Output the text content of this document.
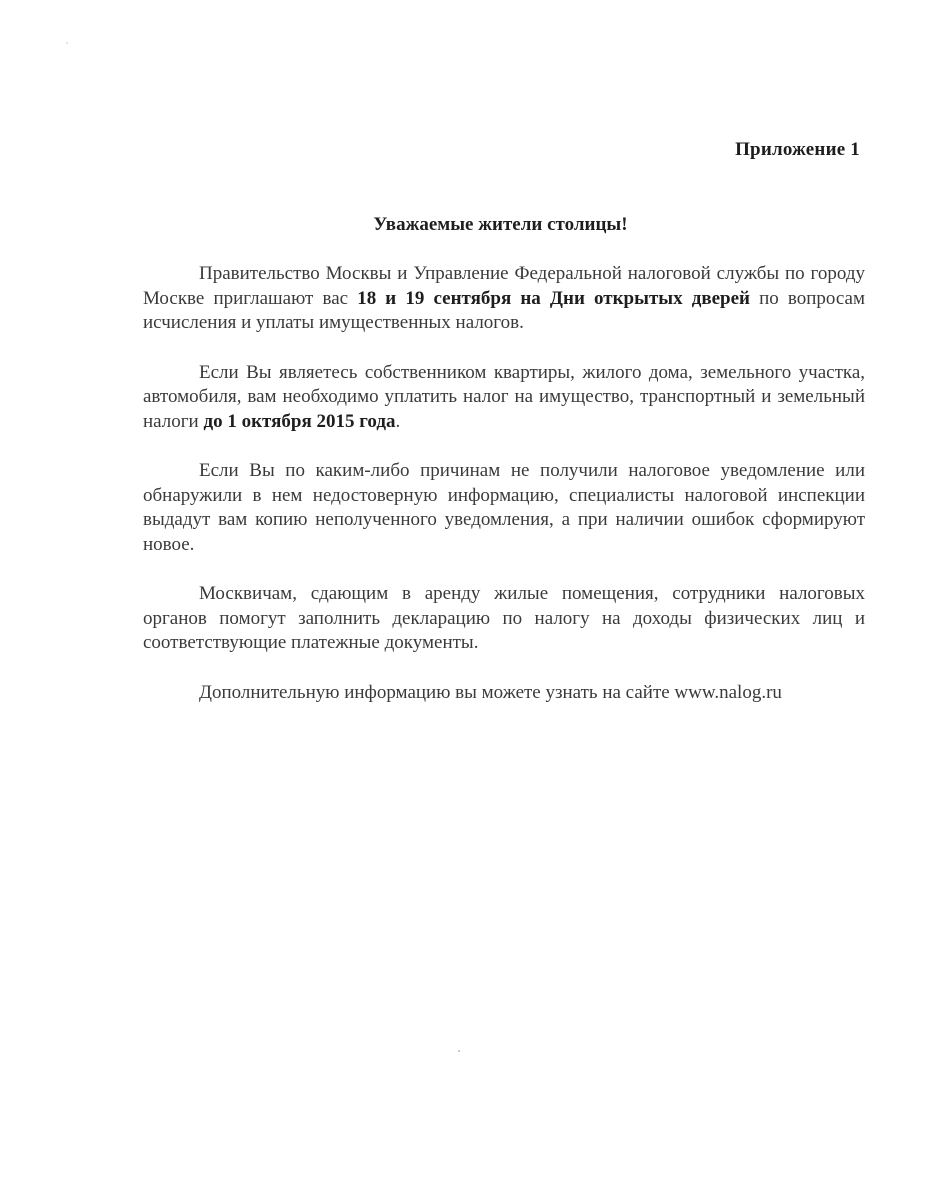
Приложение 1
Уважаемые жители столицы!

Правительство Москвы и Управление Федеральной налоговой службы по городу Москве приглашают вас 18 и 19 сентября на Дни открытых дверей по вопросам исчисления и уплаты имущественных налогов.

Если Вы являетесь собственником квартиры, жилого дома, земельного участка, автомобиля, вам необходимо уплатить налог на имущество, транспортный и земельный налоги до 1 октября 2015 года.

Если Вы по каким-либо причинам не получили налоговое уведомление или обнаружили в нем недостоверную информацию, специалисты налоговой инспекции выдадут вам копию неполученного уведомления, а при наличии ошибок сформируют новое.

Москвичам, сдающим в аренду жилые помещения, сотрудники налоговых органов помогут заполнить декларацию по налогу на доходы физических лиц и соответствующие платежные документы.

Дополнительную информацию вы можете узнать на сайте www.nalog.ru
